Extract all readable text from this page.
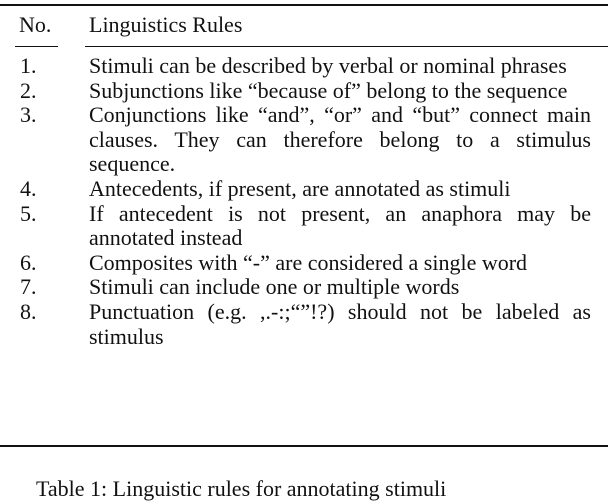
No. Linguistics Rules
1. Stimuli can be described by verbal or nominal phrases
2. Subjunctions like “because of” belong to the sequence
3. Conjunctions like “and”, “or” and “but” connect main clauses. They can therefore belong to a stimulus sequence.
4. Antecedents, if present, are annotated as stimuli
5. If antecedent is not present, an anaphora may be annotated instead
6. Composites with “-” are considered a single word
7. Stimuli can include one or multiple words
8. Punctuation (e.g. ,.-:;“”!?) should not be labeled as stimulus
Table 1: Linguistic rules for annotating stimuli
